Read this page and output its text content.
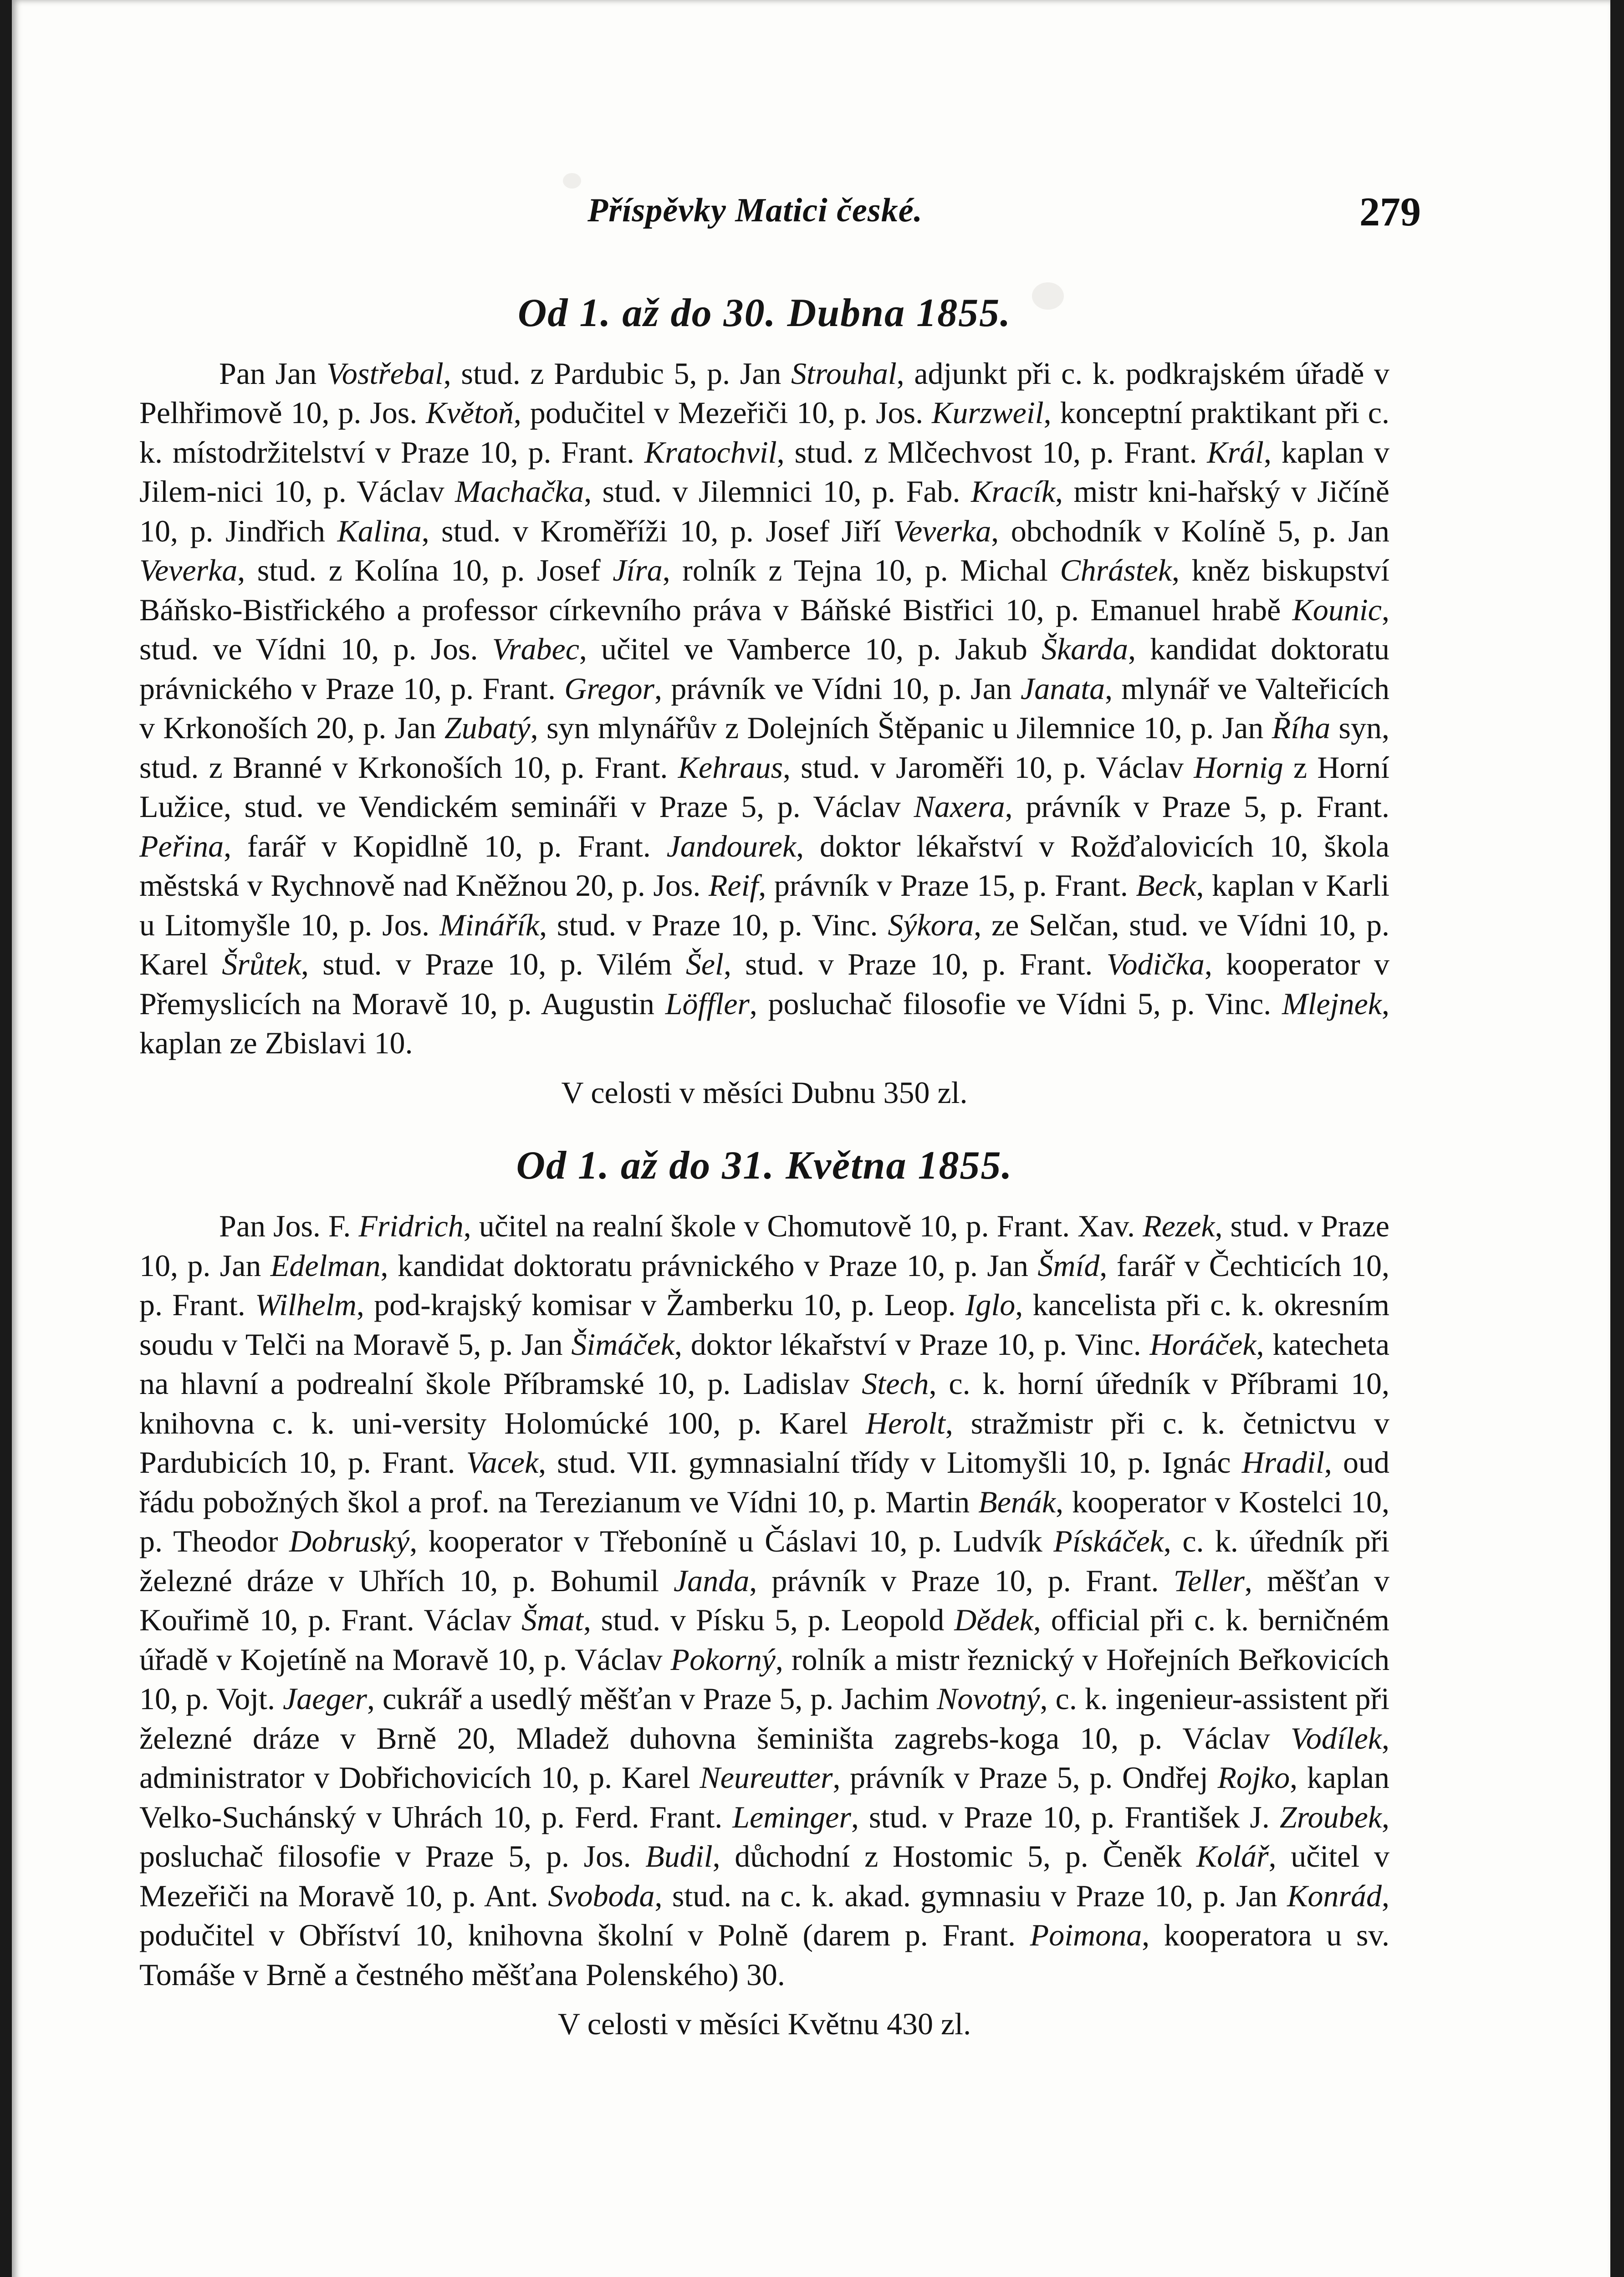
Příspěvky Matici české.	279
Od 1. až do 30. Dubna 1855.

Pan Jan Vostřebal, stud. z Pardubic 5, p. Jan Strouhal, adjunkt při c. k. podkrajském úřadě v Pelhřimově 10, p. Jos. Květoň, podučitel v Mezeřiči 10, p. Jos. Kurzweil, konceptní praktikant při c. k. místodržitelství v Praze 10, p. Frant. Kratochvil, stud. z Mlčechvost 10, p. Frant. Král, kaplan v Jilem-nici 10, p. Václav Machačka, stud. v Jilemnici 10, p. Fab. Kracík, mistr kni-hařský v Jičíně 10, p. Jindřich Kalina, stud. v Kroměříži 10, p. Josef Jiří Veverka, obchodník v Kolíně 5, p. Jan Veverka, stud. z Kolína 10, p. Josef Jíra, rolník z Tejna 10, p. Michal Chrástek, kněz biskupství Báňsko-Bistřického a professor církevního práva v Báňské Bistřici 10, p. Emanuel hrabě Kounic, stud. ve Vídni 10, p. Jos. Vrabec, učitel ve Vamberce 10, p. Jakub Škarda, kandidat doktoratu právnického v Praze 10, p. Frant. Gregor, právník ve Vídni 10, p. Jan Janata, mlynář ve Valteřicích v Krkonoších 20, p. Jan Zubatý, syn mlynářův z Dolejních Štěpanic u Jilemnice 10, p. Jan Říha syn, stud. z Branné v Krkonoších 10, p. Frant. Kehraus, stud. v Jaroměři 10, p. Václav Hornig z Horní Lužice, stud. ve Vendickém semináři v Praze 5, p. Václav Naxera, právník v Praze 5, p. Frant. Peřina, farář v Kopidlně 10, p. Frant. Jandourek, doktor lékařství v Rožďalovicích 10, škola městská v Rychnově nad Kněžnou 20, p. Jos. Reif, právník v Praze 15, p. Frant. Beck, kaplan v Karli u Litomyšle 10, p. Jos. Minářík, stud. v Praze 10, p. Vinc. Sýkora, ze Selčan, stud. ve Vídni 10, p. Karel Šrůtek, stud. v Praze 10, p. Vilém Šel, stud. v Praze 10, p. Frant. Vodička, kooperator v Přemyslicích na Moravě 10, p. Augustin Löffler, posluchač filosofie ve Vídni 5, p. Vinc. Mlejnek, kaplan ze Zbislavi 10.

V celosti v měsíci Dubnu 350 zl.
Od 1. až do 31. Května 1855.

Pan Jos. F. Fridrich, učitel na realní škole v Chomutově 10, p. Frant. Xav. Rezek, stud. v Praze 10, p. Jan Edelman, kandidat doktoratu právnického v Praze 10, p. Jan Šmíd, farář v Čechticích 10, p. Frant. Wilhelm, pod-krajský komisar v Žamberku 10, p. Leop. Iglo, kancelista při c. k. okresním soudu v Telči na Moravě 5, p. Jan Šimáček, doktor lékařství v Praze 10, p. Vinc. Horáček, katecheta na hlavní a podrealní škole Příbramské 10, p. Ladislav Stech, c. k. horní úředník v Příbrami 10, knihovna c. k. uni-versity Holomúcké 100, p. Karel Herolt, stražmistr při c. k. četnictvu v Pardubicích 10, p. Frant. Vacek, stud. VII. gymnasialní třídy v Litomyšli 10, p. Ignác Hradil, oud řádu pobožných škol a prof. na Terezianum ve Vídni 10, p. Martin Benák, kooperator v Kostelci 10, p. Theodor Dobruský, kooperator v Třeboníně u Čáslavi 10, p. Ludvík Pískáček, c. k. úředník při železné dráze v Uhřích 10, p. Bohumil Janda, právník v Praze 10, p. Frant. Teller, měšťan v Kouřimě 10, p. Frant. Václav Šmat, stud. v Písku 5, p. Leopold Dědek, official při c. k. berničném úřadě v Kojetíně na Moravě 10, p. Václav Pokorný, rolník a mistr řeznický v Hořejních Beřkovicích 10, p. Vojt. Jaeger, cukrář a usedlý měšťan v Praze 5, p. Jachim Novotný, c. k. ingenieur-assistent při železné dráze v Brně 20, Mladež duhovna šeminišta zagrebs-koga 10, p. Václav Vodílek, administrator v Dobřichovicích 10, p. Karel Neureutter, právník v Praze 5, p. Ondřej Rojko, kaplan Velko-Suchánský v Uhrách 10, p. Ferd. Frant. Leminger, stud. v Praze 10, p. František J. Zroubek, posluchač filosofie v Praze 5, p. Jos. Budil, důchodní z Hostomic 5, p. Čeněk Kolář, učitel v Mezeřiči na Moravě 10, p. Ant. Svoboda, stud. na c. k. akad. gymnasiu v Praze 10, p. Jan Konrád, podučitel v Obříství 10, knihovna školní v Polně (darem p. Frant. Poimona, kooperatora u sv. Tomáše v Brně a čestného měšťana Polenského) 30.

V celosti v měsíci Květnu 430 zl.
